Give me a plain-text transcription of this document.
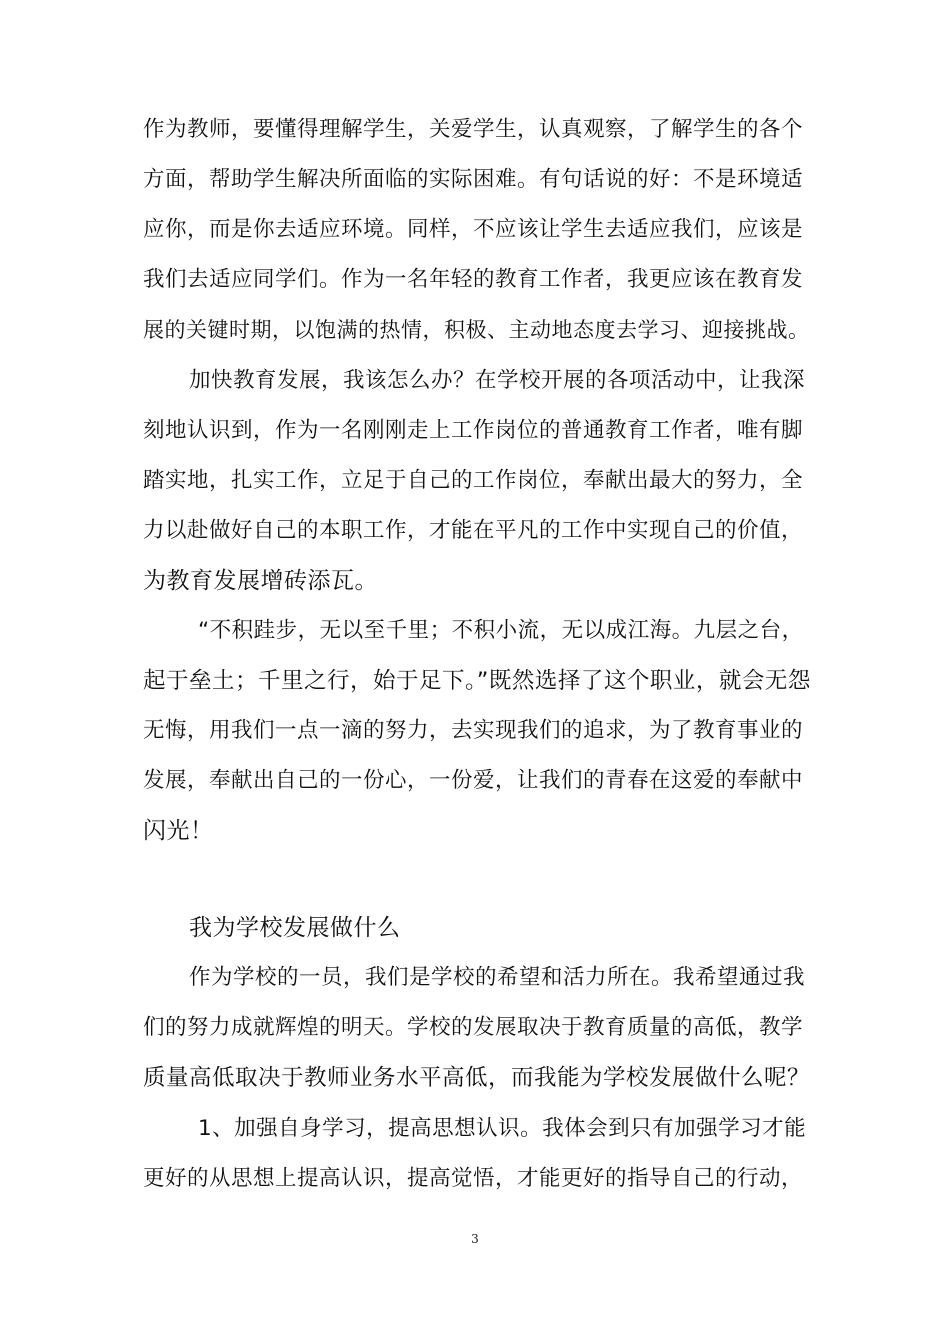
作为教师，要懂得理解学生，关爱学生，认真观察，了解学生的各个
方面，帮助学生解决所面临的实际困难。有句话说的好：不是环境适
应你，而是你去适应环境。同样，不应该让学生去适应我们，应该是
我们去适应同学们。作为一名年轻的教育工作者，我更应该在教育发
展的关键时期，以饱满的热情，积极、主动地态度去学习、迎接挑战。
加快教育发展，我该怎么办？在学校开展的各项活动中，让我深
刻地认识到，作为一名刚刚走上工作岗位的普通教育工作者，唯有脚
踏实地，扎实工作，立足于自己的工作岗位，奉献出最大的努力，全
力以赴做好自己的本职工作，才能在平凡的工作中实现自己的价值，
为教育发展增砖添瓦。
“不积跬步，无以至千里；不积小流，无以成江海。九层之台，
起于垒土；千里之行，始于足下。”既然选择了这个职业，就会无怨
无悔，用我们一点一滴的努力，去实现我们的追求，为了教育事业的
发展，奉献出自己的一份心，一份爱，让我们的青春在这爱的奉献中
闪光！
我为学校发展做什么
作为学校的一员，我们是学校的希望和活力所在。我希望通过我
们的努力成就辉煌的明天。学校的发展取决于教育质量的高低，教学
质量高低取决于教师业务水平高低，而我能为学校发展做什么呢？
1、加强自身学习，提高思想认识。我体会到只有加强学习才能
更好的从思想上提高认识，提高觉悟，才能更好的指导自己的行动，
3
